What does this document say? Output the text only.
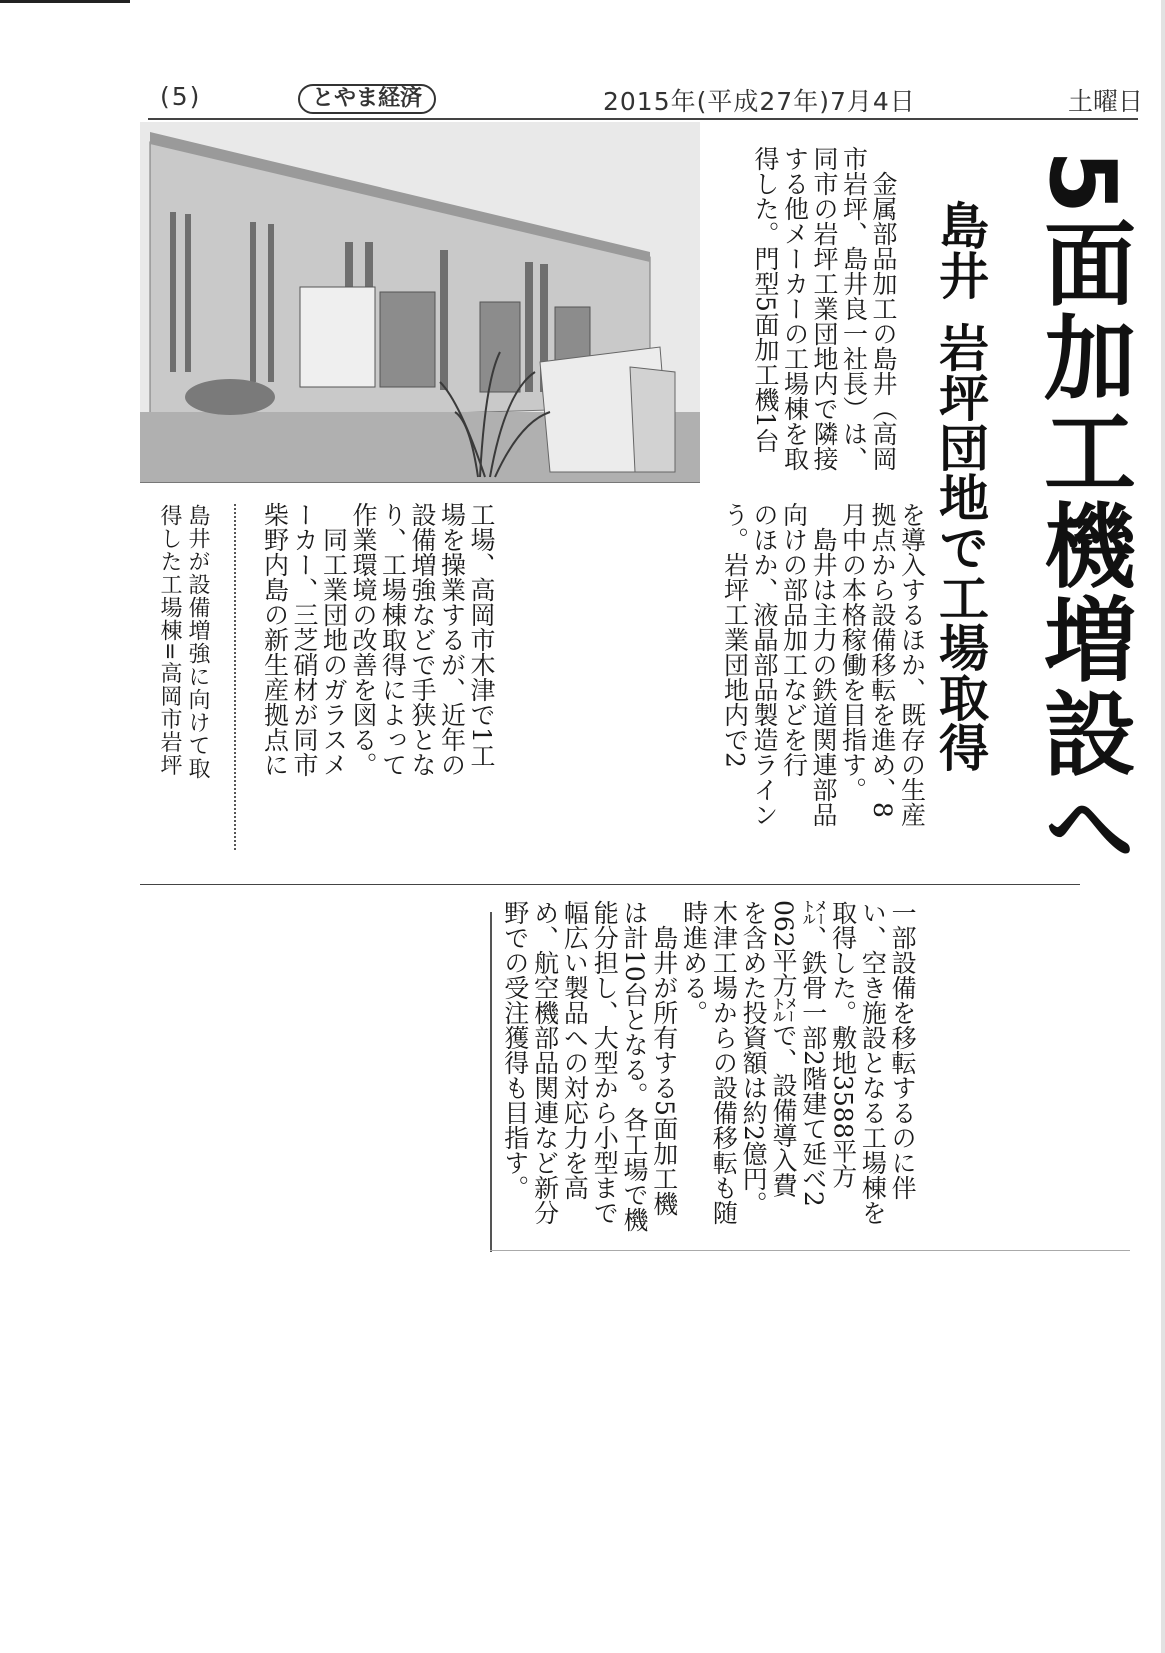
(5)	とやま経済	2015年(平成27年)7月4日	土曜日
5面加工機増設へ
島井岩坪団地で工場取得
　金属部品加工の島井（高岡
市岩坪、島井良一社長）は、
同市の岩坪工業団地内で隣接
する他メーカーの工場棟を取
得した。門型5面加工機1台
島井が設備増強に向けて取
得した工場棟=高岡市岩坪	を導入するほか、既存の生産
拠点から設備移転を進め、8
月中の本格稼働を目指す。
　島井は主力の鉄道関連部品
向けの部品加工などを行
のほか、液晶部品製造ライン
う。岩坪工業団地内で2
工場、高岡市木津で1工
場を操業するが、近年の
設備増強などで手狭とな
り、工場棟取得によって
作業環境の改善を図る。
　同工業団地のガラスメ
ーカー、三芝硝材が同市
柴野内島の新生産拠点に
一部設備を移転するのに伴
い、空き施設となる工場棟を
取得した。敷地3588平方
㍍、鉄骨一部2階建て延べ2
062平方㍍で、設備導入費
を含めた投資額は約2億円。
木津工場からの設備移転も随
時進める。
　島井が所有する5面加工機
は計10台となる。各工場で機
能分担し、大型から小型まで
幅広い製品への対応力を高
め、航空機部品関連など新分
野での受注獲得も目指す。
